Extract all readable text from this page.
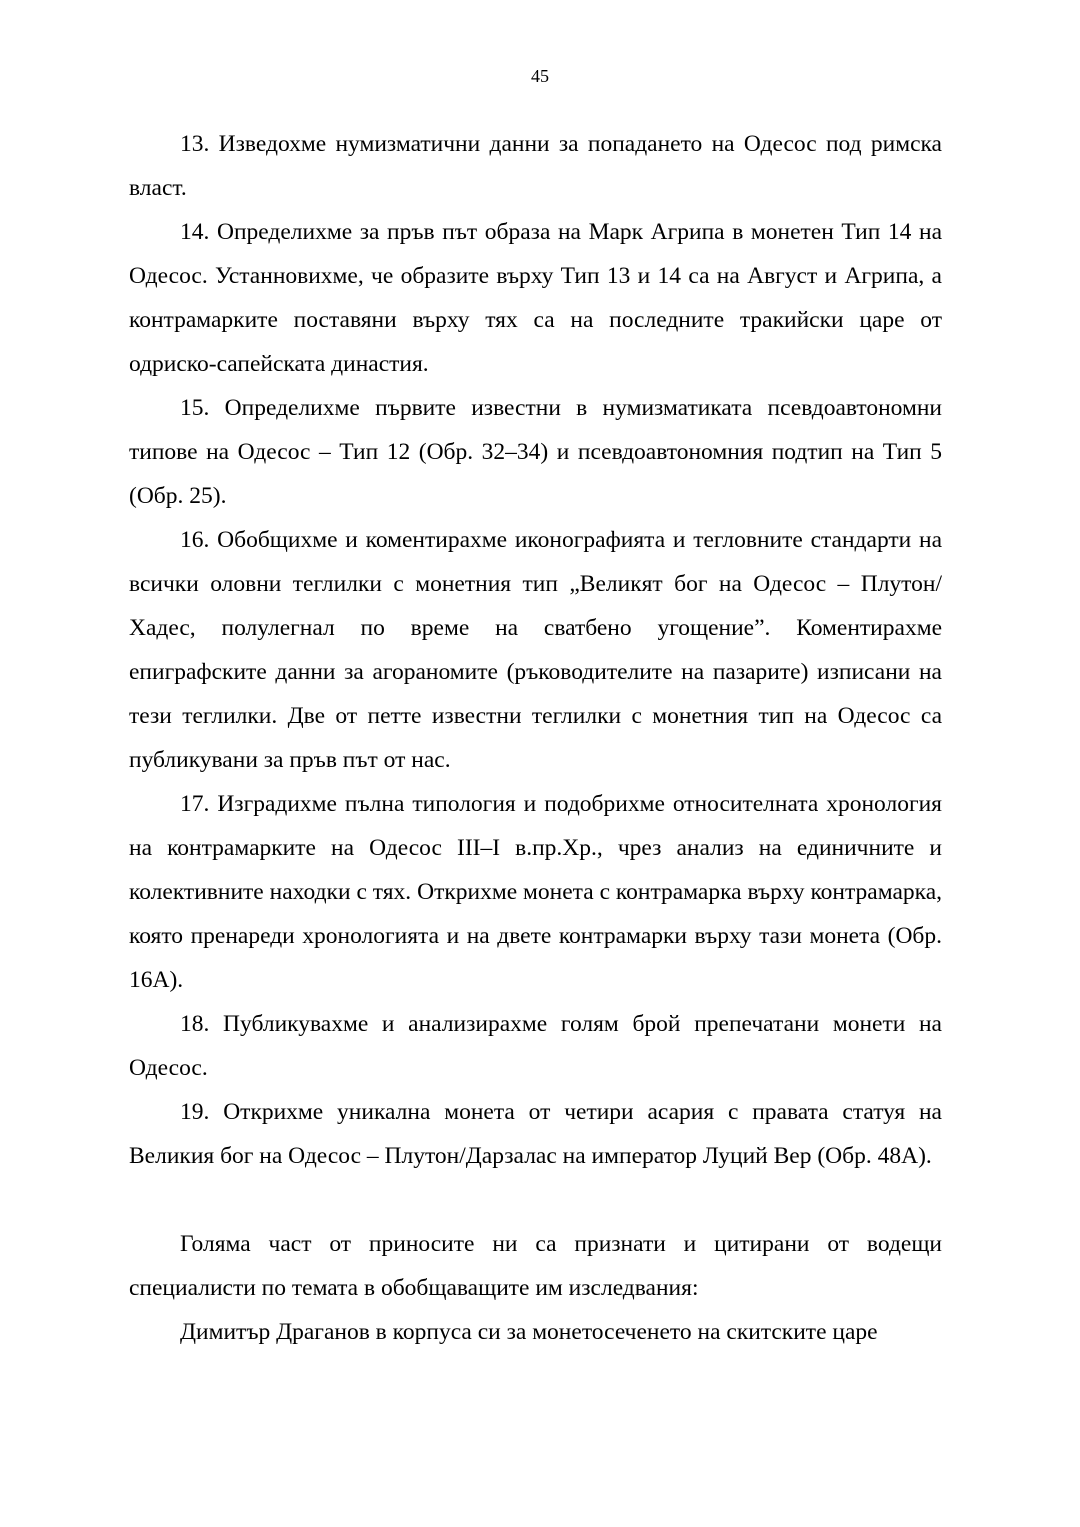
45

13. Изведохме нумизматични данни за попадането на Одесос под римска власт.

14. Определихме за пръв път образа на Марк Агрипа в монетен Тип 14 на Одесос. Устанновихме, че образите върху Тип 13 и 14 са на Август и Агрипа, а контрамарките поставяни върху тях са на последните тракийски царе от одриско-сапейската династия.

15. Определихме първите известни в нумизматиката псевдоавтономни типове на Одесос – Тип 12 (Обр. 32–34) и псевдоавтономния подтип на Тип 5 (Обр. 25).

16. Обобщихме и коментирахме иконографията и тегловните стандарти на всички оловни теглилки с монетния тип „Великят бог на Одесос – Плутон/Хадес, полулегнал по време на сватбено угощение”. Коментирахме епиграфските данни за агораномите (ръководителите на пазарите) изписани на тези теглилки. Две от петте известни теглилки с монетния тип на Одесос са публикувани за пръв път от нас.

17. Изградихме пълна типология и подобрихме относителната хронология на контрамарките на Одесос III–I в.пр.Хр., чрез анализ на единичните и колективните находки с тях. Открихме монета с контрамарка върху контрамарка, която пренареди хронологията и на двете контрамарки върху тази монета (Обр. 16А).

18. Публикувахме и анализирахме голям брой препечатани монети на Одесос.

19. Открихме уникална монета от четири асария с правата статуя на Великия бог на Одесос – Плутон/Дарзалас на император Луций Вер (Обр. 48А).

Голяма част от приносите ни са признати и цитирани от водещи специалисти по темата в обобщаващите им изследвания:

Димитър Драганов в корпуса си за монетосеченето на скитските царе
